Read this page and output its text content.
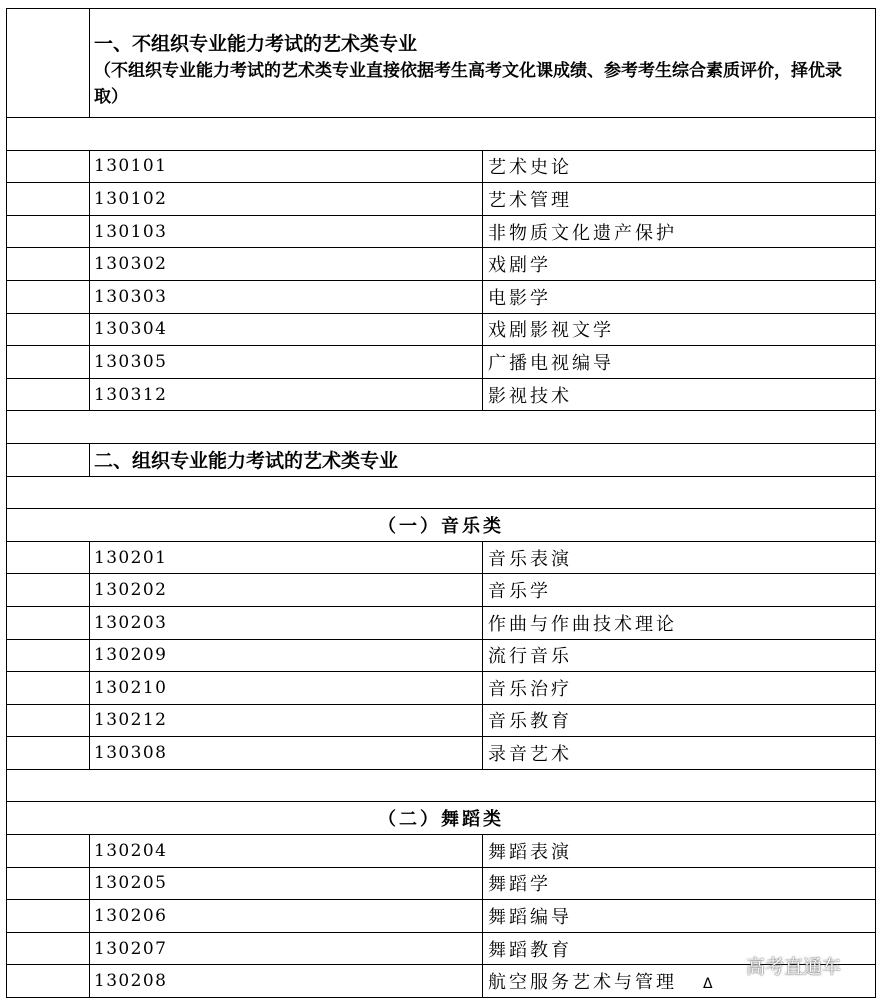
	一、不组织专业能力考试的艺术类专业
（不组织专业能力考试的艺术类专业直接依据考生高考文化课成绩、参考考生综合素质评价，择优录取）	

	130101	艺术史论
	130102	艺术管理
	130103	非物质文化遗产保护
	130302	戏剧学
	130303	电影学
	130304	戏剧影视文学
	130305	广播电视编导
	130312	影视技术

	二、组织专业能力考试的艺术类专业	

（一）音乐类		
	130201	音乐表演
	130202	音乐学
	130203	作曲与作曲技术理论
	130209	流行音乐
	130210	音乐治疗
	130212	音乐教育
	130308	录音艺术

（二）舞蹈类		
	130204	舞蹈表演
	130205	舞蹈学
	130206	舞蹈编导
	130207	舞蹈教育
	130208	航空服务艺术与管理 Δ
高考直通车
